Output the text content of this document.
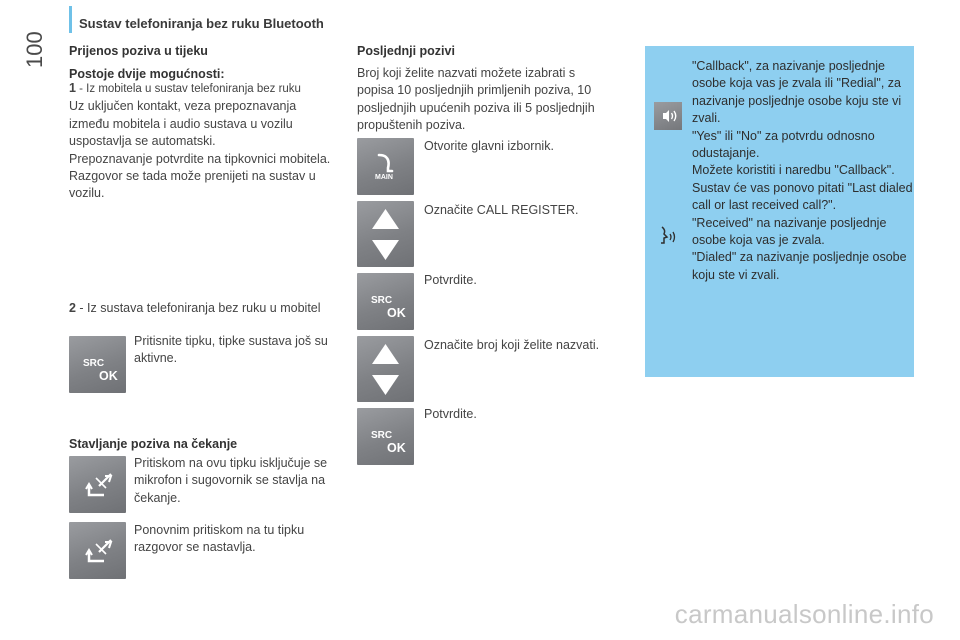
Sustav telefoniranja bez ruku Bluetooth
100 Prijenos poziva u tijeku
Postoje dvije mogućnosti:
1 - Iz mobitela u sustav telefoniranja bez ruku
Uz uključen kontakt, veza prepoznavanja između mobitela i audio sustava u vozilu uspostavlja se automatski.
Prepoznavanje potvrdite na tipkovnici mobitela.
Razgovor se tada može prenijeti na sustav u vozilu.
2 - Iz sustava telefoniranja bez ruku u mobitel
SRC
OK
Pritisnite tipku, tipke sustava još su aktivne.
Stavljanje poziva na čekanje
Pritiskom na ovu tipku isključuje se mikrofon i sugovornik se stavlja na čekanje.
Ponovnim pritiskom na tu tipku razgovor se nastavlja.
Posljednji pozivi
Broj koji želite nazvati možete izabrati s popisa 10 posljednjih primljenih poziva, 10 posljednjih upućenih poziva ili 5 posljednjih propuštenih poziva.
MAIN
Otvorite glavni izbornik.
Označite CALL REGISTER.
SRC
OK
Potvrdite.
Označite broj koji želite nazvati.
SRC
OK
Potvrdite.
"Callback", za nazivanje posljednje osobe koja vas je zvala ili "Redial", za nazivanje posljednje osobe koju ste vi zvali.
"Yes" ili "No" za potvrdu odnosno odustajanje.
Možete koristiti i naredbu "Callback". Sustav će vas ponovo pitati "Last dialed call or last received call?".
"Received" na nazivanje posljednje osobe koja vas je zvala.
"Dialed" za nazivanje posljednje osobe koju ste vi zvali.
carmanualsonline.info
